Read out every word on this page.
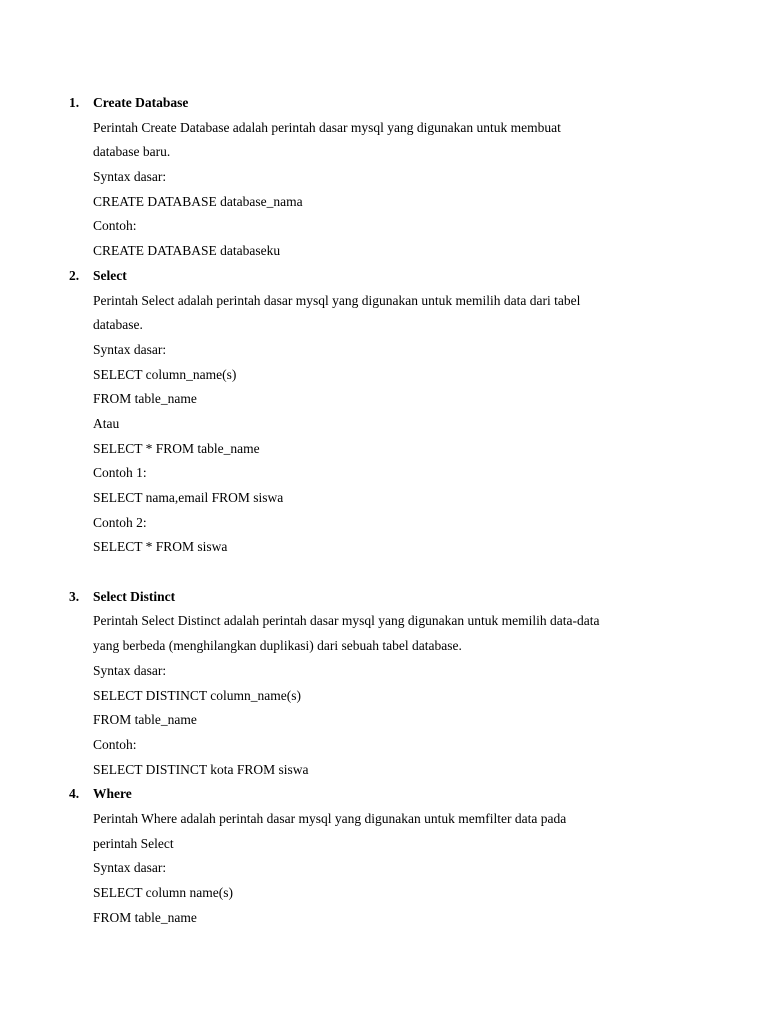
1. Create Database
Perintah Create Database adalah perintah dasar mysql yang digunakan untuk membuat
database baru.
Syntax dasar:
CREATE DATABASE database_nama
Contoh:
CREATE DATABASE databaseku
2. Select
Perintah Select adalah perintah dasar mysql yang digunakan untuk memilih data dari tabel
database.
Syntax dasar:
SELECT column_name(s)
FROM table_name
Atau
SELECT * FROM table_name
Contoh 1:
SELECT nama,email FROM siswa
Contoh 2:
SELECT * FROM siswa
3. Select Distinct
Perintah Select Distinct adalah perintah dasar mysql yang digunakan untuk memilih data-data
yang berbeda (menghilangkan duplikasi) dari sebuah tabel database.
Syntax dasar:
SELECT DISTINCT column_name(s)
FROM table_name
Contoh:
SELECT DISTINCT kota FROM siswa
4. Where
Perintah Where adalah perintah dasar mysql yang digunakan untuk memfilter data pada
perintah Select
Syntax dasar:
SELECT column name(s)
FROM table_name
